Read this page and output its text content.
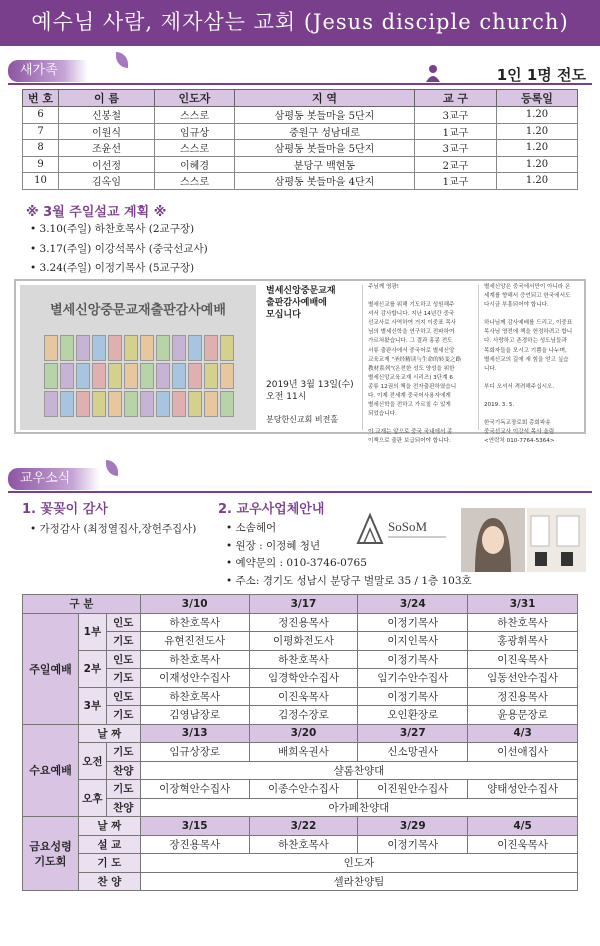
예수님 사람, 제자삼는 교회 (Jesus disciple church)
새가족	1인 1명 전도
번 호	이 름	인도자	지 역	교 구	등록일
6	신봉철	스스로	삼평동 봇들마을 5단지	3교구	1.20
7	이원식	임규상	중원구 성남대로	1교구	1.20
8	조윤선	스스로	삼평동 봇들마을 5단지	3교구	1.20
9	이선정	이혜경	분당구 백현동	2교구	1.20
10	김옥임	스스로	삼평동 봇들마을 4단지	1교구	1.20
※ 3월 주일설교 계획 ※
• 3.10(주일) 하찬호목사 (2교구장)
• 3.17(주일) 이강석목사 (중국선교사)
• 3.24(주일) 이정기목사 (5교구장)
별세신앙중문교재출판감사예배
별세신앙중문교재
출판감사예배에
모십니다
2019년 3월 13일(수)
오전 11시
분당한신교회 비전홀
주님께 영광!
별세신교를 위해 기도하고 성원해주
셔서 감사합니다. 지난 14년간 중국
선교사로 사역하여 거지 이중표 목사
님의 별세신학을 연구하고 전파하여
가르쳐왔습니다. 그 결과 홍콩 전도
서류 출판사에서 중국어로 별세신앙
교육교재 "圣经精读与生命的转变之路
教材系列"(온전한 성도 양성을 위한
별세신앙교육교재 시리즈) 3단계 6
종류 12권의 책을 전자출판하였습니
다. 이제 전세계 중국어사용자에게
별세신학을 전하고 가르칠 수 있게
되었습니다.
이 교재는 앞으로 중국 국내에서 종
이책으로 출판 보급되어야 합니다.
별세신앙은 중국에서만이 아니라 온
세계를 향해서 증언되고 한국에서도
다시금 부흥되어야 합니다.
하나님께 감사예배를 드리고, 이중표
목사님 영전에 책을 헌정하려고 합니
다. 사랑하고 존경하는 성도님들과
목회자들을 모시고 기쁨을 나누며,
별세신교의 길에 새 힘을 얻고 싶습
니다.
부디 오셔서 격려해주십시오.
2019. 3. 5.
한국기독교장로회 총회파송
중국선교사 이강석 목사 올림
<연락처 010-7764-5364>
교우소식
1. 꽃꽂이 감사
• 가정감사 (최정열집사,장헌주집사)
2. 교우사업체안내
• 소솜헤어
• 원장 : 이정혜 청년
• 예약문의 : 010-3746-0765
• 주소: 경기도 성남시 분당구 벌말로 35 / 1층 103호
SoSoM
구 분			3/10	3/17	3/24	3/31
주일예배	1부	인도	하찬호목사	정진용목사	이정기목사	하찬호목사
		기도	유현진전도사	이평화전도사	이지인목사	홍광휘목사
	2부	인도	하찬호목사	하찬호목사	이정기목사	이진욱목사
		기도	이재성안수집사	임경학안수집사	임기수안수집사	임동선안수집사
	3부	인도	하찬호목사	이진욱목사	이정기목사	정진용목사
		기도	김영남장로	김정수장로	오인환장로	윤용문장로
수요예배	날 짜		3/13	3/20	3/27	4/3
	오전	기도	임규상장로	배희옥권사	신소망권사	이선애집사
		찬양	샬롬찬양대			
	오후	기도	이장혁안수집사	이종수안수집사	이진원안수집사	양태성안수집사
		찬양	아가페찬양대			
금요성령
기도회	날 짜		3/15	3/22	3/29	4/5
	설 교		장진용목사	하찬호목사	이정기목사	이진욱목사
	기 도		인도자			
	찬 양		셀라찬양팀			
